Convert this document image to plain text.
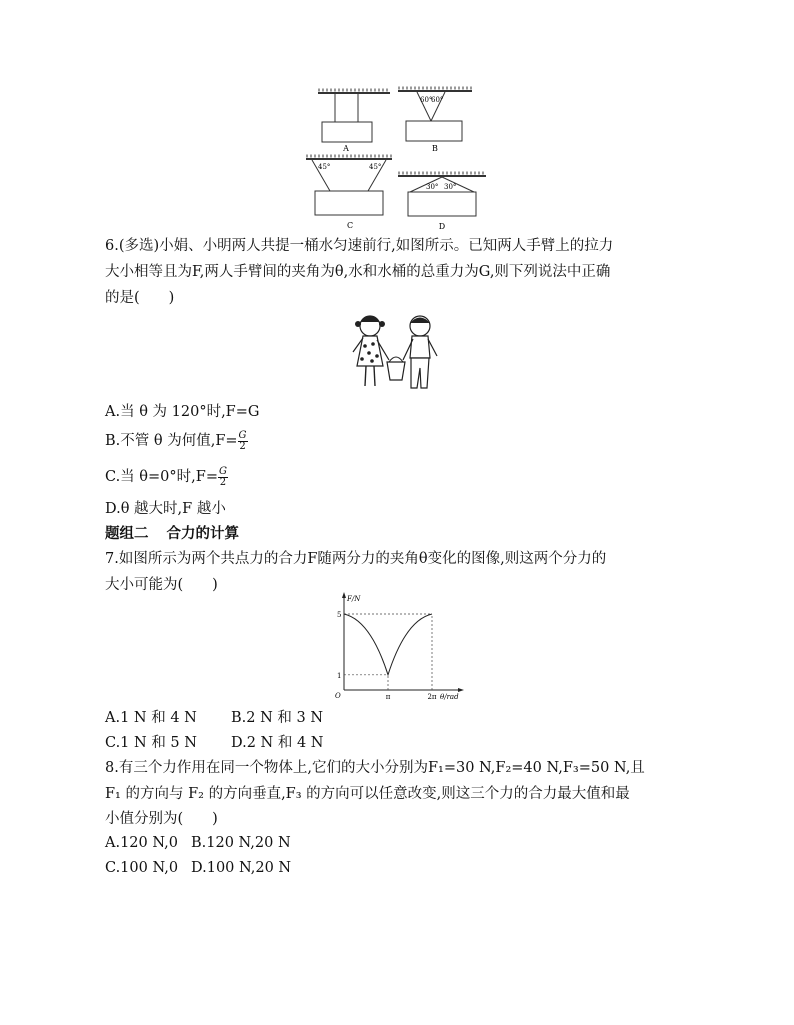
A
60°
60°
B
45°	45°
C
30° 30°
D
6.(多选)小娟、小明两人共提一桶水匀速前行,如图所示。已知两人手臂上的拉力
大小相等且为F,两人手臂间的夹角为θ,水和水桶的总重力为G,则下列说法中正确
的是(　　)
A.当 θ 为 120°时,F=G
B.不管 θ 为何值$,F= \frac{G}{2}$
C.当 θ=0°时$,F= \frac{G}{2}$
D.θ 越大时,F 越小
题组二 合力的计算
7.如图所示为两个共点力的合力F随两分力的夹角θ变化的图像,则这两个分力的
大小可能为(　　)
F/N
θ/rad
O
1
5
π	2π
A.1 N 和 4 N B.2 N 和 3 N
C.1 N 和 5 N D.2 N 和 4 N
8.有三个力作用在同一个物体上,它们的大小分别为F₁=30 N,F₂=40 N,F₃=50 N,且
F₁ 的方向与 F₂ 的方向垂直,F₃ 的方向可以任意改变,则这三个力的合力最大值和最
小值分别为(　　)
A.120 N,0 B.120 N,20 N
C.100 N,0 D.100 N,20 N
